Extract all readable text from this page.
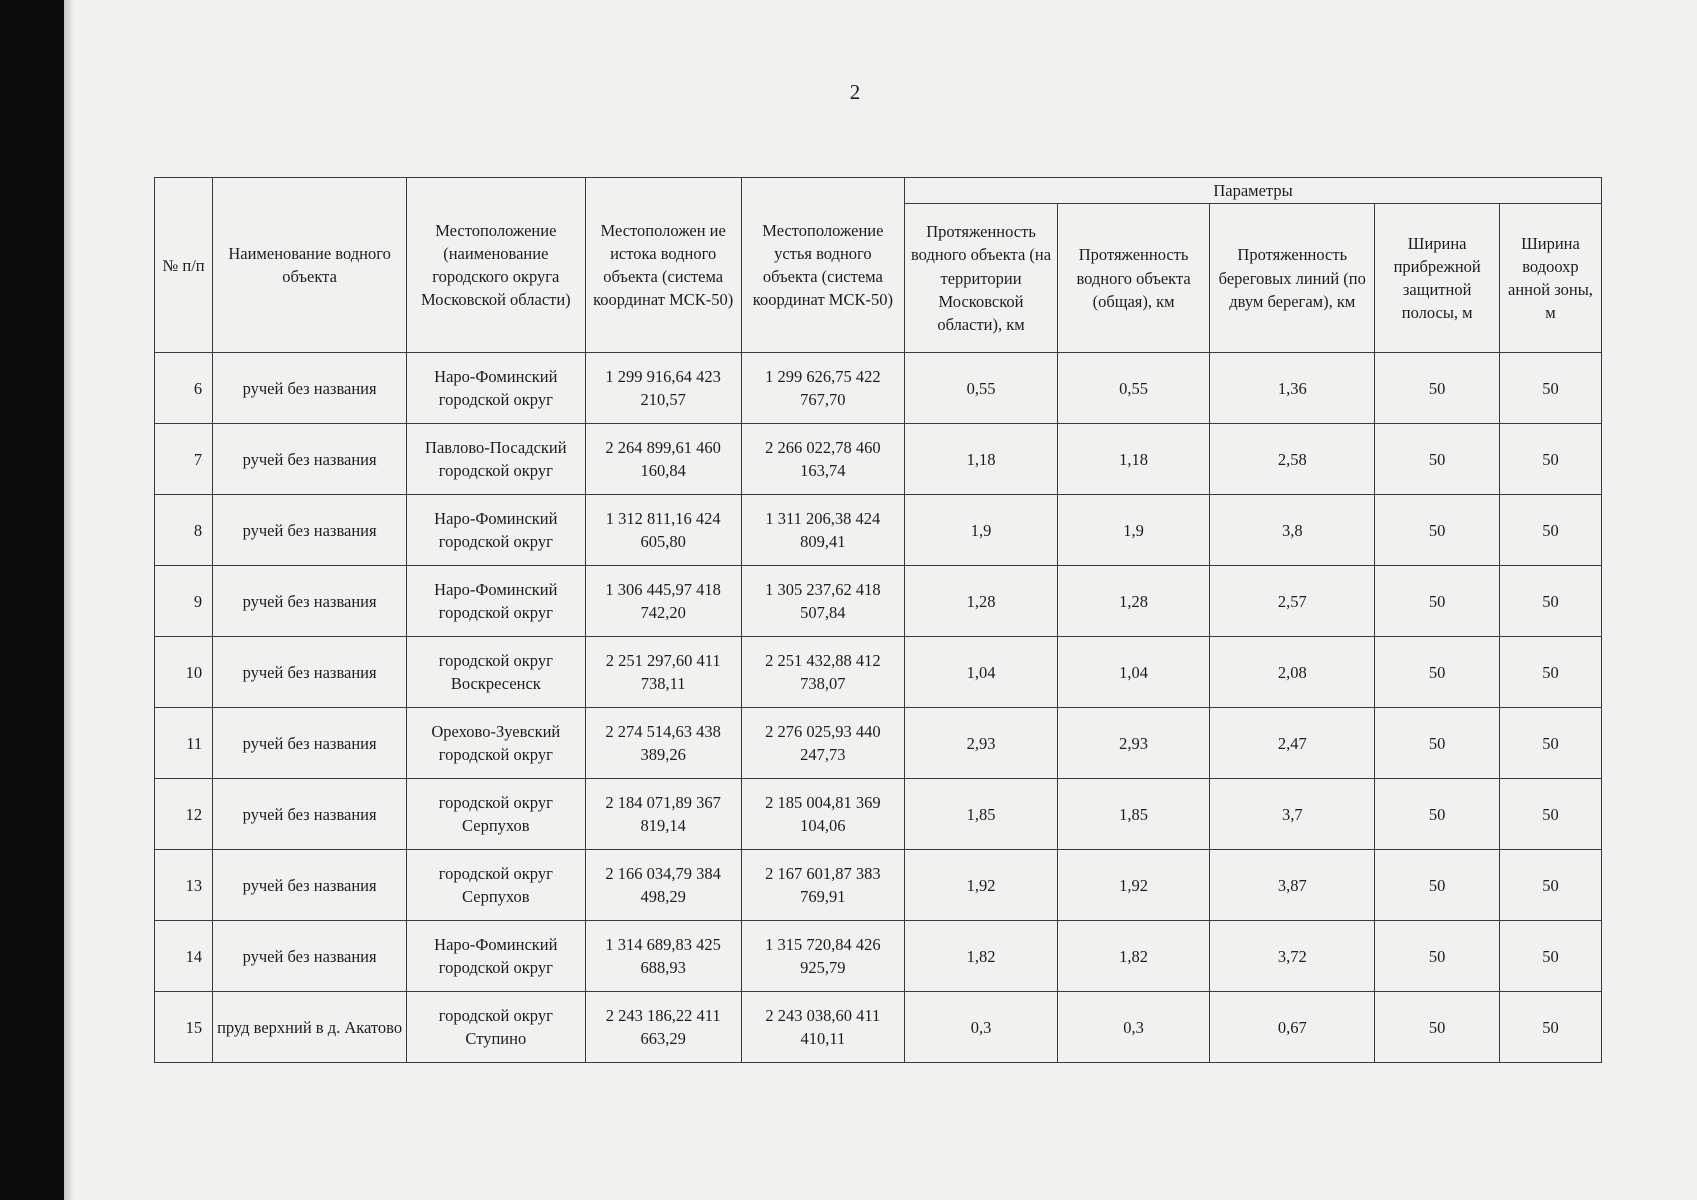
2
№ п/п	Наименование водного объекта	Местоположение (наименование городского округа Московской области)	Местоположен ие истока водного объекта (система координат МСК-50)	Местоположение устья водного объекта (система координат МСК-50)	Параметры				
					Протяженность водного объекта (на территории Московской области), км	Протяженность водного объекта (общая), км	Протяженность береговых линий (по двум берегам), км	Ширина прибрежной защитной полосы, м	Ширина водоохр анной зоны, м
6	ручей без названия	Наро-Фоминский городской округ	1 299 916,64 423 210,57	1 299 626,75 422 767,70	0,55	0,55	1,36	50	50
7	ручей без названия	Павлово-Посадский городской округ	2 264 899,61 460 160,84	2 266 022,78 460 163,74	1,18	1,18	2,58	50	50
8	ручей без названия	Наро-Фоминский городской округ	1 312 811,16 424 605,80	1 311 206,38 424 809,41	1,9	1,9	3,8	50	50
9	ручей без названия	Наро-Фоминский городской округ	1 306 445,97 418 742,20	1 305 237,62 418 507,84	1,28	1,28	2,57	50	50
10	ручей без названия	городской округ Воскресенск	2 251 297,60 411 738,11	2 251 432,88 412 738,07	1,04	1,04	2,08	50	50
11	ручей без названия	Орехово-Зуевский городской округ	2 274 514,63 438 389,26	2 276 025,93 440 247,73	2,93	2,93	2,47	50	50
12	ручей без названия	городской округ Серпухов	2 184 071,89 367 819,14	2 185 004,81 369 104,06	1,85	1,85	3,7	50	50
13	ручей без названия	городской округ Серпухов	2 166 034,79 384 498,29	2 167 601,87 383 769,91	1,92	1,92	3,87	50	50
14	ручей без названия	Наро-Фоминский городской округ	1 314 689,83 425 688,93	1 315 720,84 426 925,79	1,82	1,82	3,72	50	50
15	пруд верхний в д. Акатово	городской округ Ступино	2 243 186,22 411 663,29	2 243 038,60 411 410,11	0,3	0,3	0,67	50	50
